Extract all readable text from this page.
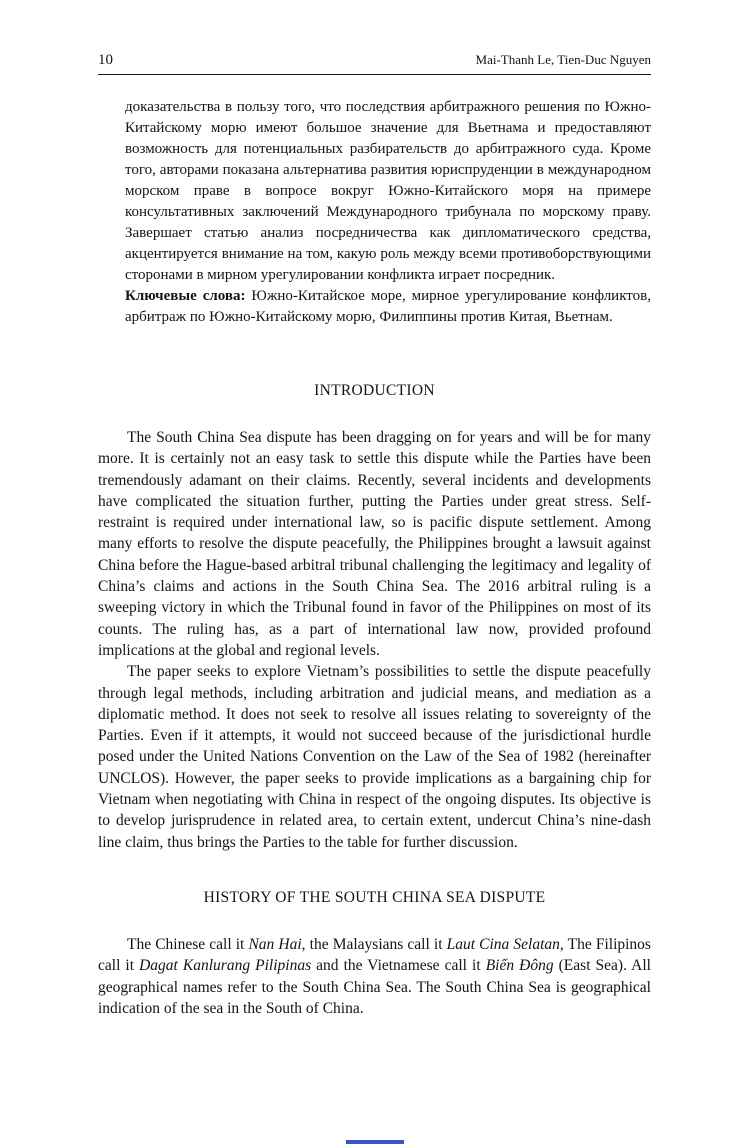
10	Mai-Thanh Le, Tien-Duc Nguyen

доказательства в пользу того, что последствия арбитражного решения по Южно-Китайскому морю имеют большое значение для Вьетнама и предоставляют возможность для потенциальных разбирательств до арбитражного суда. Кроме того, авторами показана альтернатива развития юриспруденции в международном морском праве в вопросе вокруг Южно-Китайского моря на примере консультативных заключений Международного трибунала по морскому праву. Завершает статью анализ посредничества как дипломатического средства, акцентируется внимание на том, какую роль между всеми противоборствующими сторонами в мирном урегулировании конфликта играет посредник.

Ключевые слова: Южно-Китайское море, мирное урегулирование конфликтов, арбитраж по Южно-Китайскому морю, Филиппины против Китая, Вьетнам.

INTRODUCTION

The South China Sea dispute has been dragging on for years and will be for many more. It is certainly not an easy task to settle this dispute while the Parties have been tremendously adamant on their claims. Recently, several incidents and developments have complicated the situation further, putting the Parties under great stress. Self-restraint is required under international law, so is pacific dispute settlement. Among many efforts to resolve the dispute peacefully, the Philippines brought a lawsuit against China before the Hague-based arbitral tribunal challenging the legitimacy and legality of China’s claims and actions in the South China Sea. The 2016 arbitral ruling is a sweeping victory in which the Tribunal found in favor of the Philippines on most of its counts. The ruling has, as a part of international law now, provided profound implications at the global and regional levels.

The paper seeks to explore Vietnam’s possibilities to settle the dispute peacefully through legal methods, including arbitration and judicial means, and mediation as a diplomatic method. It does not seek to resolve all issues relating to sovereignty of the Parties. Even if it attempts, it would not succeed because of the jurisdictional hurdle posed under the United Nations Convention on the Law of the Sea of 1982 (hereinafter UNCLOS). However, the paper seeks to provide implications as a bargaining chip for Vietnam when negotiating with China in respect of the ongoing disputes. Its objective is to develop jurisprudence in related area, to certain extent, undercut China’s nine-dash line claim, thus brings the Parties to the table for further discussion.

HISTORY OF THE SOUTH CHINA SEA DISPUTE

The Chinese call it Nan Hai, the Malaysians call it Laut Cina Selatan, The Filipinos call it Dagat Kanlurang Pilipinas and the Vietnamese call it Biển Đông (East Sea). All geographical names refer to the South China Sea. The South China Sea is geographical indication of the sea in the South of China.
